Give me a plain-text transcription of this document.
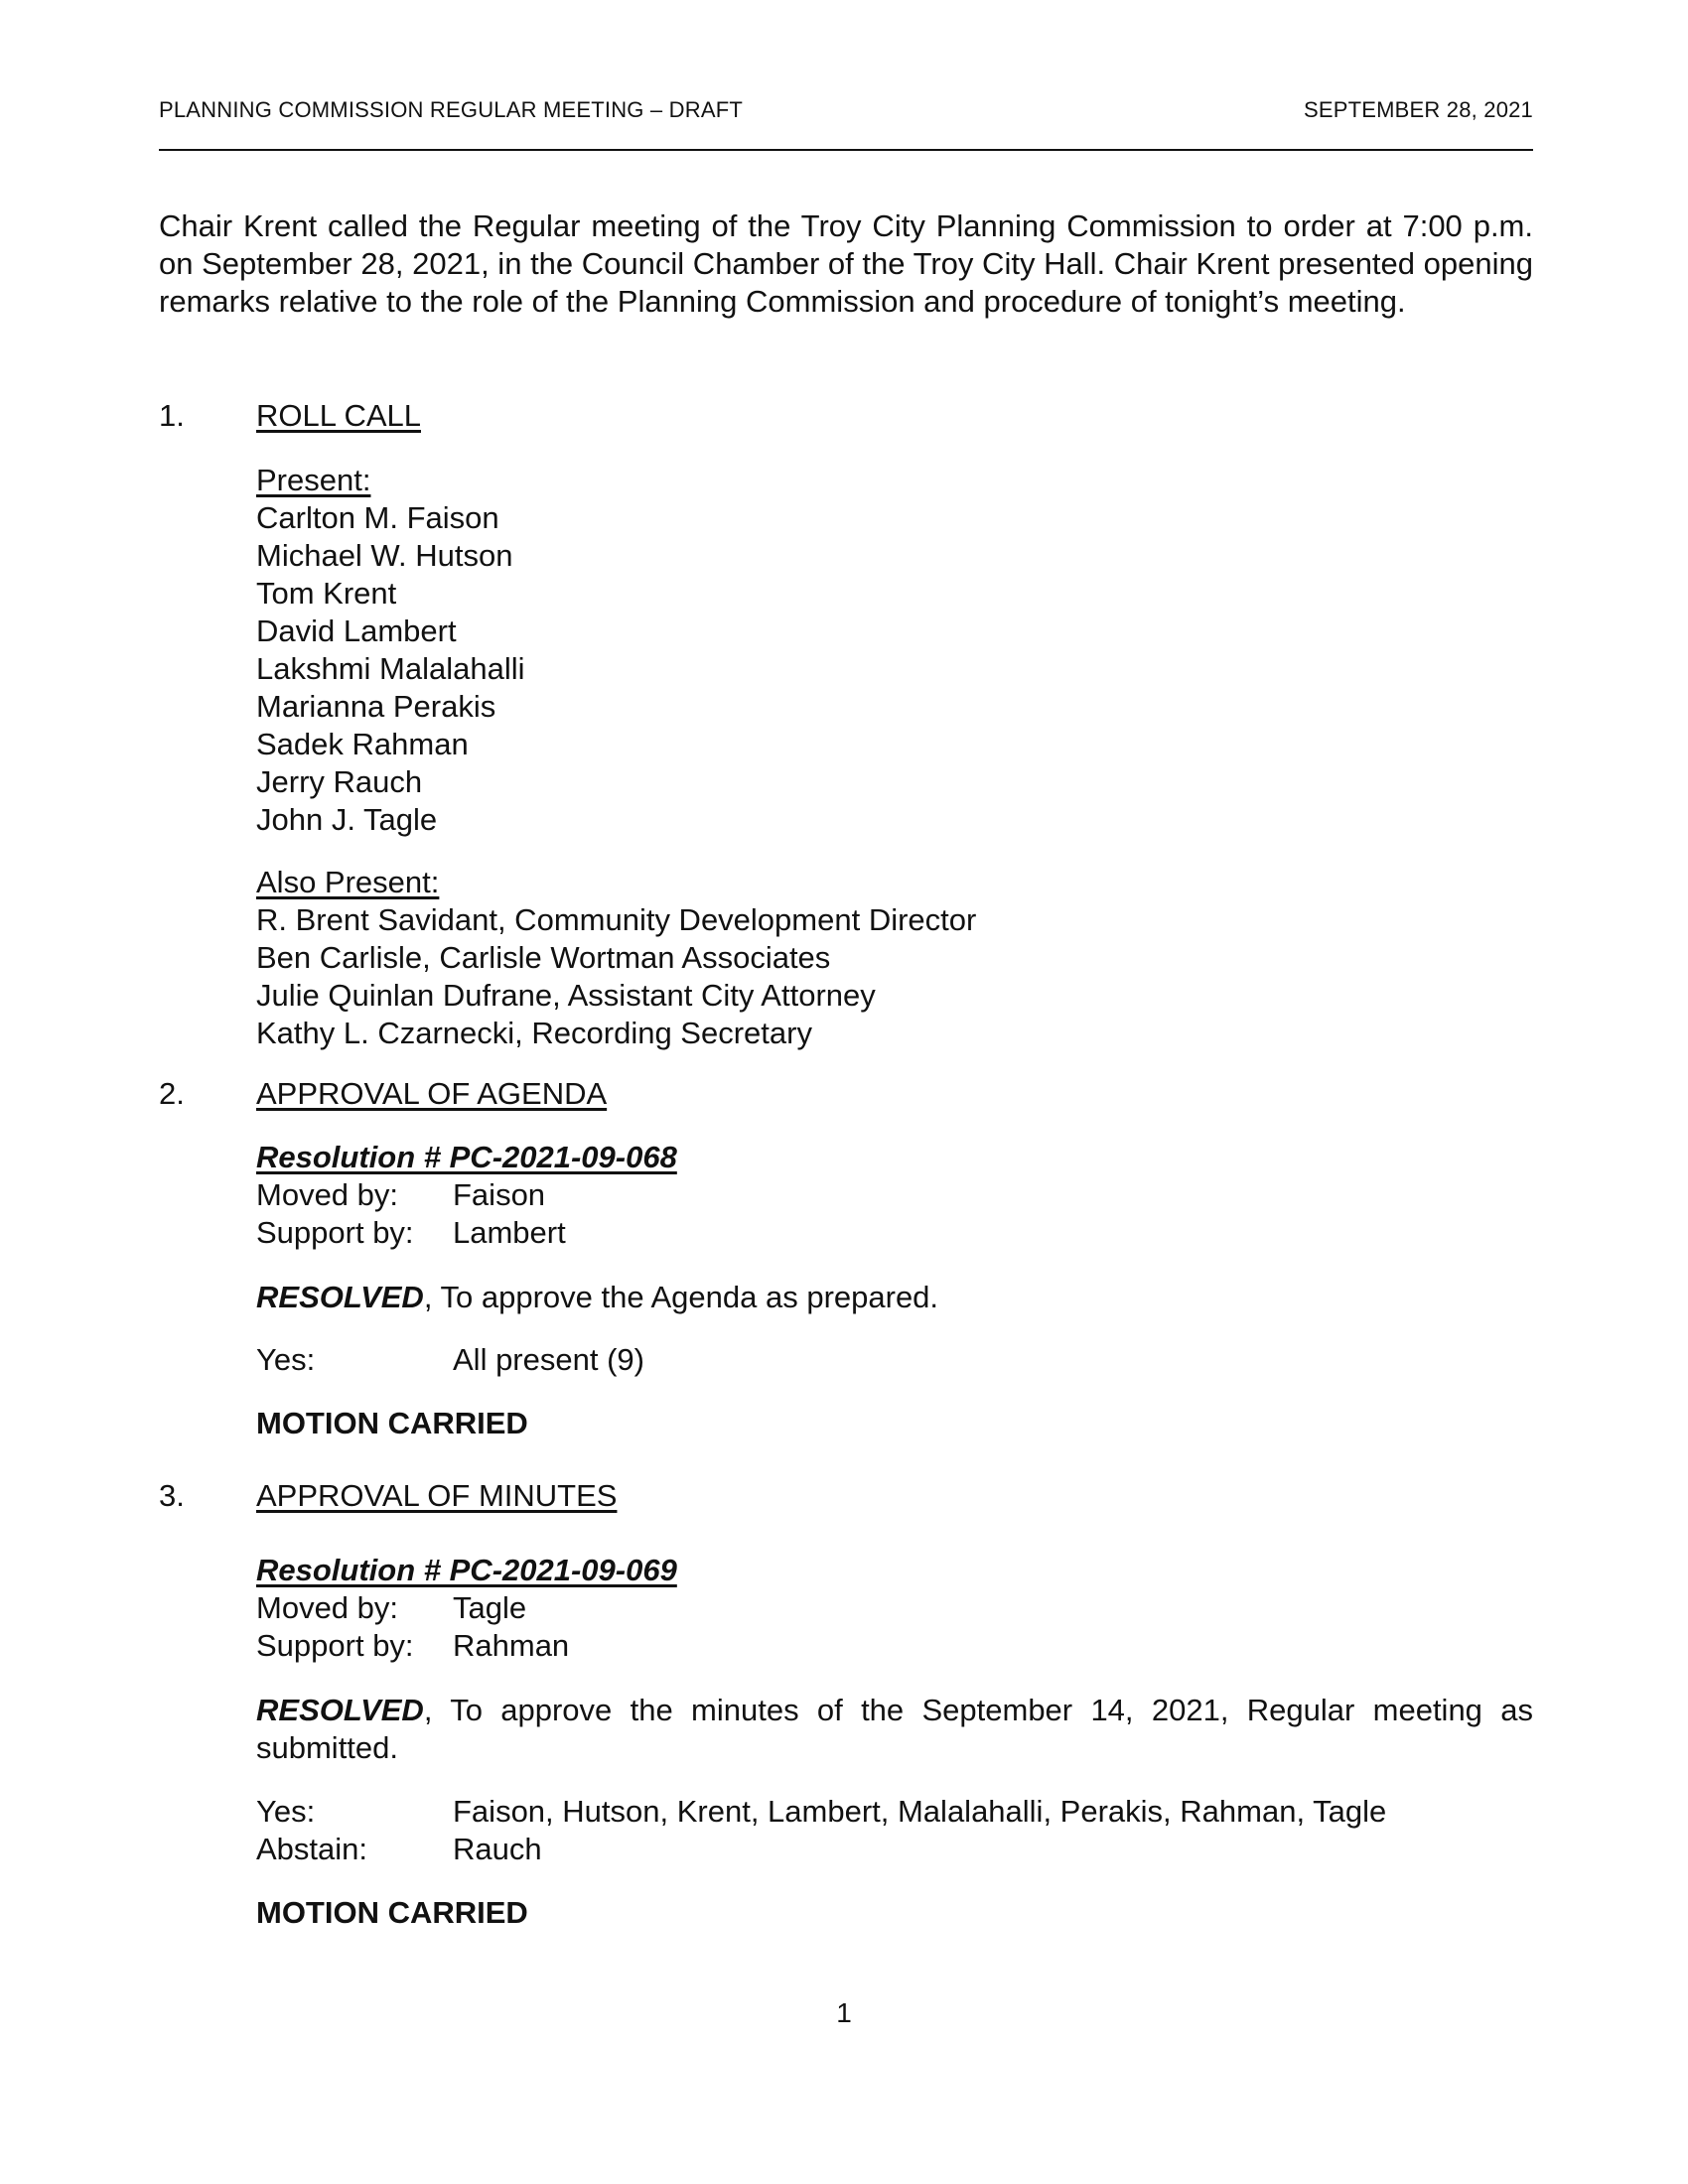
PLANNING COMMISSION REGULAR MEETING – DRAFT	SEPTEMBER 28, 2021

Chair Krent called the Regular meeting of the Troy City Planning Commission to order at 7:00 p.m. on September 28, 2021, in the Council Chamber of the Troy City Hall. Chair Krent presented opening remarks relative to the role of the Planning Commission and procedure of tonight’s meeting.

1. ROLL CALL
Present:
Carlton M. Faison
Michael W. Hutson
Tom Krent
David Lambert
Lakshmi Malalahalli
Marianna Perakis
Sadek Rahman
Jerry Rauch
John J. Tagle
Also Present:
R. Brent Savidant, Community Development Director
Ben Carlisle, Carlisle Wortman Associates
Julie Quinlan Dufrane, Assistant City Attorney
Kathy L. Czarnecki, Recording Secretary
2. APPROVAL OF AGENDA
Resolution # PC-2021-09-068
Moved by: Faison
Support by: Lambert

RESOLVED, To approve the Agenda as prepared.

Yes:	All present (9)
MOTION CARRIED
3. APPROVAL OF MINUTES
Resolution # PC-2021-09-069
Moved by: Tagle
Support by: Rahman

RESOLVED, To approve the minutes of the September 14, 2021, Regular meeting as submitted.

Yes:	Faison, Hutson, Krent, Lambert, Malalahalli, Perakis, Rahman, Tagle
Abstain:	Rauch
MOTION CARRIED
1
